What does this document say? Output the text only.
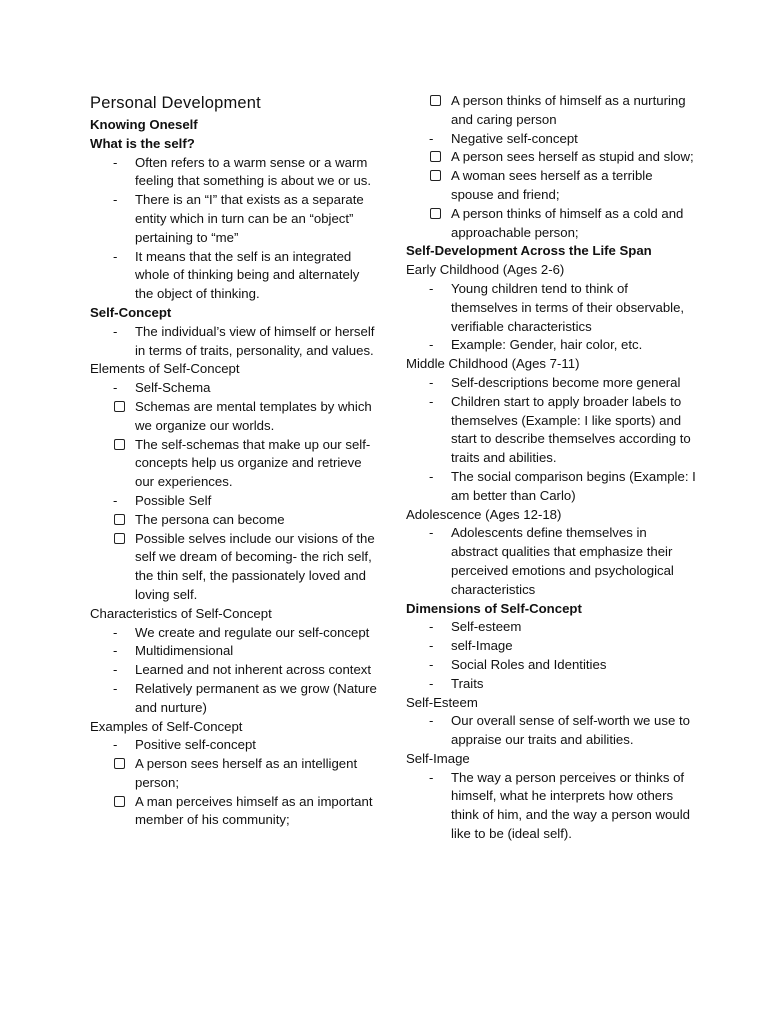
Personal Development
Knowing Oneself
What is the self?
-	Often refers to a warm sense or a warm feeling that something is about we or us.
-	There is an “I” that exists as a separate entity which in turn can be an “object” pertaining to “me”
-	It means that the self is an integrated whole of thinking being and alternately the object of thinking.
Self-Concept
-	The individual’s view of himself or herself in terms of traits, personality, and values.
Elements of Self-Concept
-	Self-Schema
Schemas are mental templates by which we organize our worlds.
The self-schemas that make up our self-concepts help us organize and retrieve our experiences.
-	Possible Self
The persona can become
Possible selves include our visions of the self we dream of becoming- the rich self, the thin self, the passionately loved and loving self.
Characteristics of Self-Concept
-	We create and regulate our self-concept
-	Multidimensional
-	Learned and not inherent across context
-	Relatively permanent as we grow (Nature and nurture)
Examples of Self-Concept
-	Positive self-concept
A person sees herself as an intelligent person;
A man perceives himself as an important member of his community;
A person thinks of himself as a nurturing and caring person
-	Negative self-concept
A person sees herself as stupid and slow;
A woman sees herself as a terrible spouse and friend;
A person thinks of himself as a cold and approachable person;
Self-Development Across the Life Span
Early Childhood (Ages 2-6)
-	Young children tend to think of themselves in terms of their observable, verifiable characteristics
-	Example: Gender, hair color, etc.
Middle Childhood (Ages 7-11)
-	Self-descriptions become more general
-	Children start to apply broader labels to themselves (Example: I like sports) and start to describe themselves according to traits and abilities.
-	The social comparison begins (Example: I am better than Carlo)
Adolescence (Ages 12-18)
-	Adolescents define themselves in abstract qualities that emphasize their perceived emotions and psychological characteristics
Dimensions of Self-Concept
-	Self-esteem
-	self-Image
-	Social Roles and Identities
-	Traits
Self-Esteem
-	Our overall sense of self-worth we use to appraise our traits and abilities.
Self-Image
-	The way a person perceives or thinks of himself, what he interprets how others think of him, and the way a person would like to be (ideal self).
